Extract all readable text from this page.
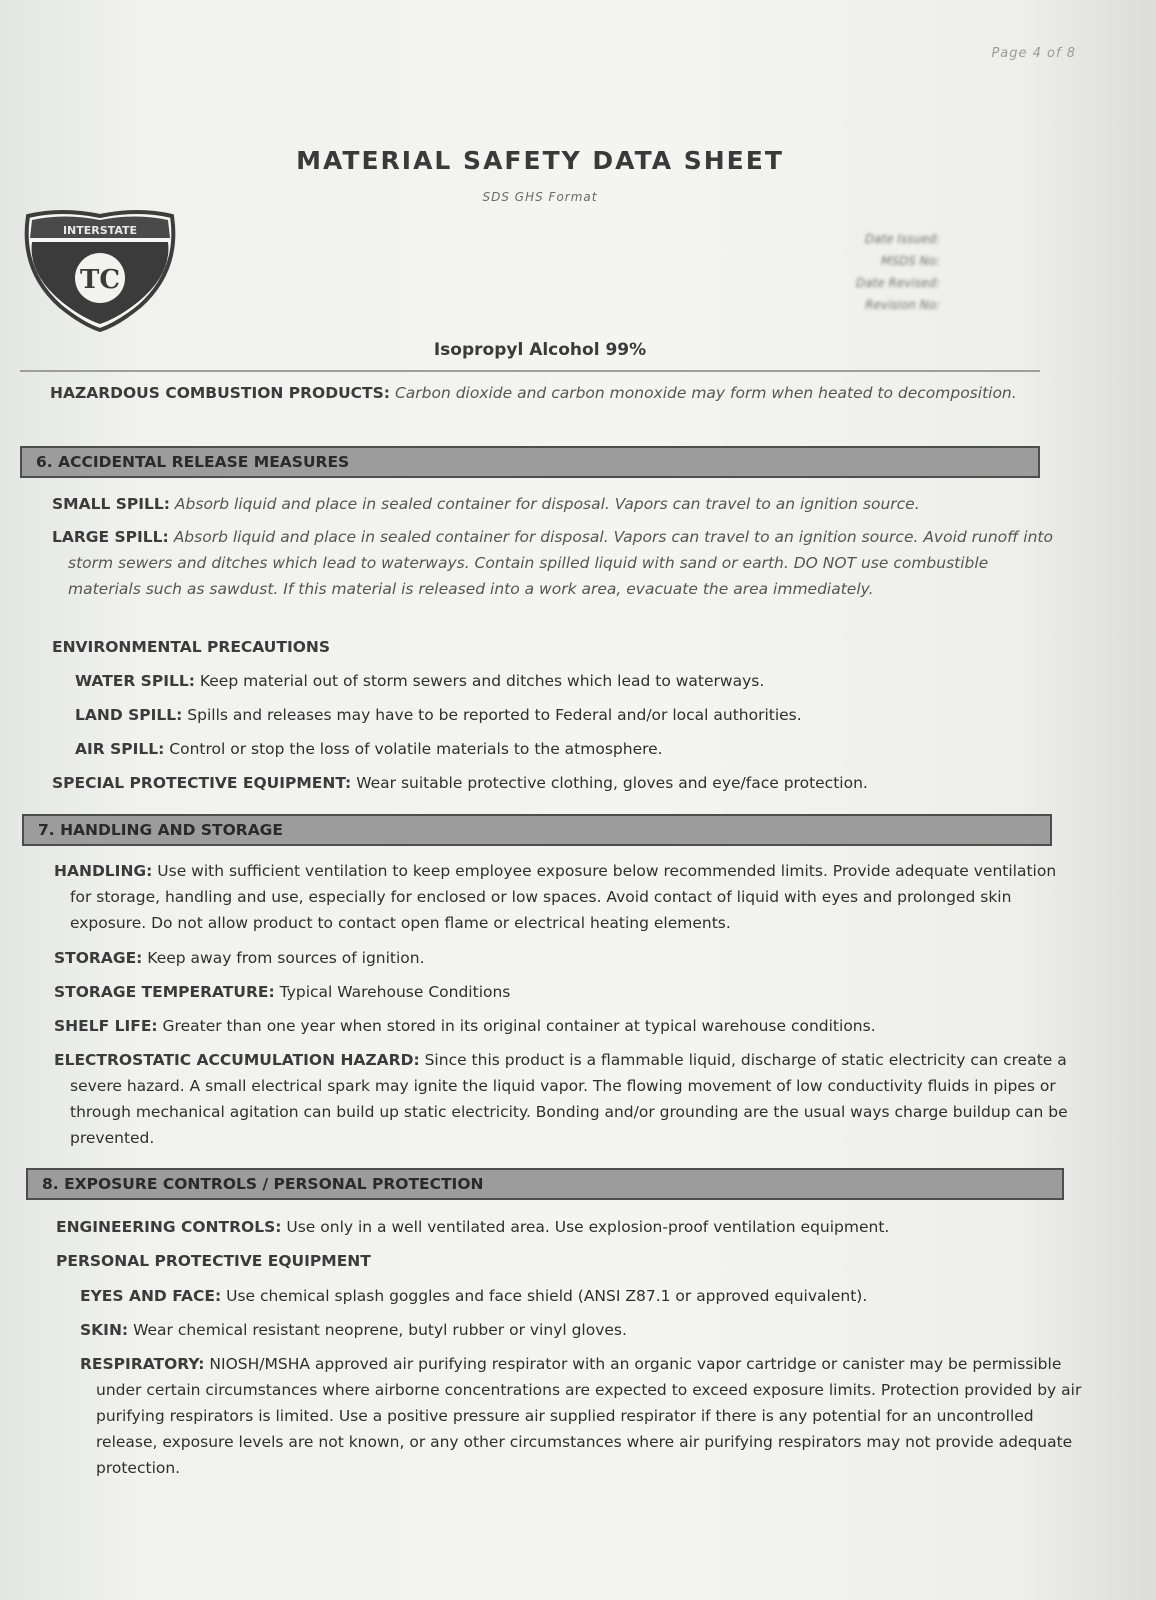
Page 4 of 8
MATERIAL SAFETY DATA SHEET
SDS GHS Format
INTERSTATE
TC
Date Issued:
MSDS No:
Date Revised:
Revision No:
Isopropyl Alcohol 99%
HAZARDOUS COMBUSTION PRODUCTS: Carbon dioxide and carbon monoxide may form when heated to decomposition.
6. ACCIDENTAL RELEASE MEASURES
SMALL SPILL: Absorb liquid and place in sealed container for disposal. Vapors can travel to an ignition source.
LARGE SPILL: Absorb liquid and place in sealed container for disposal. Vapors can travel to an ignition source. Avoid runoff into storm sewers and ditches which lead to waterways. Contain spilled liquid with sand or earth. DO NOT use combustible materials such as sawdust. If this material is released into a work area, evacuate the area immediately.
ENVIRONMENTAL PRECAUTIONS
WATER SPILL: Keep material out of storm sewers and ditches which lead to waterways.
LAND SPILL: Spills and releases may have to be reported to Federal and/or local authorities.
AIR SPILL: Control or stop the loss of volatile materials to the atmosphere.
SPECIAL PROTECTIVE EQUIPMENT: Wear suitable protective clothing, gloves and eye/face protection.
7. HANDLING AND STORAGE
HANDLING: Use with sufficient ventilation to keep employee exposure below recommended limits. Provide adequate ventilation for storage, handling and use, especially for enclosed or low spaces. Avoid contact of liquid with eyes and prolonged skin exposure. Do not allow product to contact open flame or electrical heating elements.
STORAGE: Keep away from sources of ignition.
STORAGE TEMPERATURE: Typical Warehouse Conditions
SHELF LIFE: Greater than one year when stored in its original container at typical warehouse conditions.
ELECTROSTATIC ACCUMULATION HAZARD: Since this product is a flammable liquid, discharge of static electricity can create a severe hazard. A small electrical spark may ignite the liquid vapor. The flowing movement of low conductivity fluids in pipes or through mechanical agitation can build up static electricity. Bonding and/or grounding are the usual ways charge buildup can be prevented.
8. EXPOSURE CONTROLS / PERSONAL PROTECTION
ENGINEERING CONTROLS: Use only in a well ventilated area. Use explosion-proof ventilation equipment.
PERSONAL PROTECTIVE EQUIPMENT
EYES AND FACE: Use chemical splash goggles and face shield (ANSI Z87.1 or approved equivalent).
SKIN: Wear chemical resistant neoprene, butyl rubber or vinyl gloves.
RESPIRATORY: NIOSH/MSHA approved air purifying respirator with an organic vapor cartridge or canister may be permissible under certain circumstances where airborne concentrations are expected to exceed exposure limits. Protection provided by air purifying respirators is limited. Use a positive pressure air supplied respirator if there is any potential for an uncontrolled release, exposure levels are not known, or any other circumstances where air purifying respirators may not provide adequate protection.
